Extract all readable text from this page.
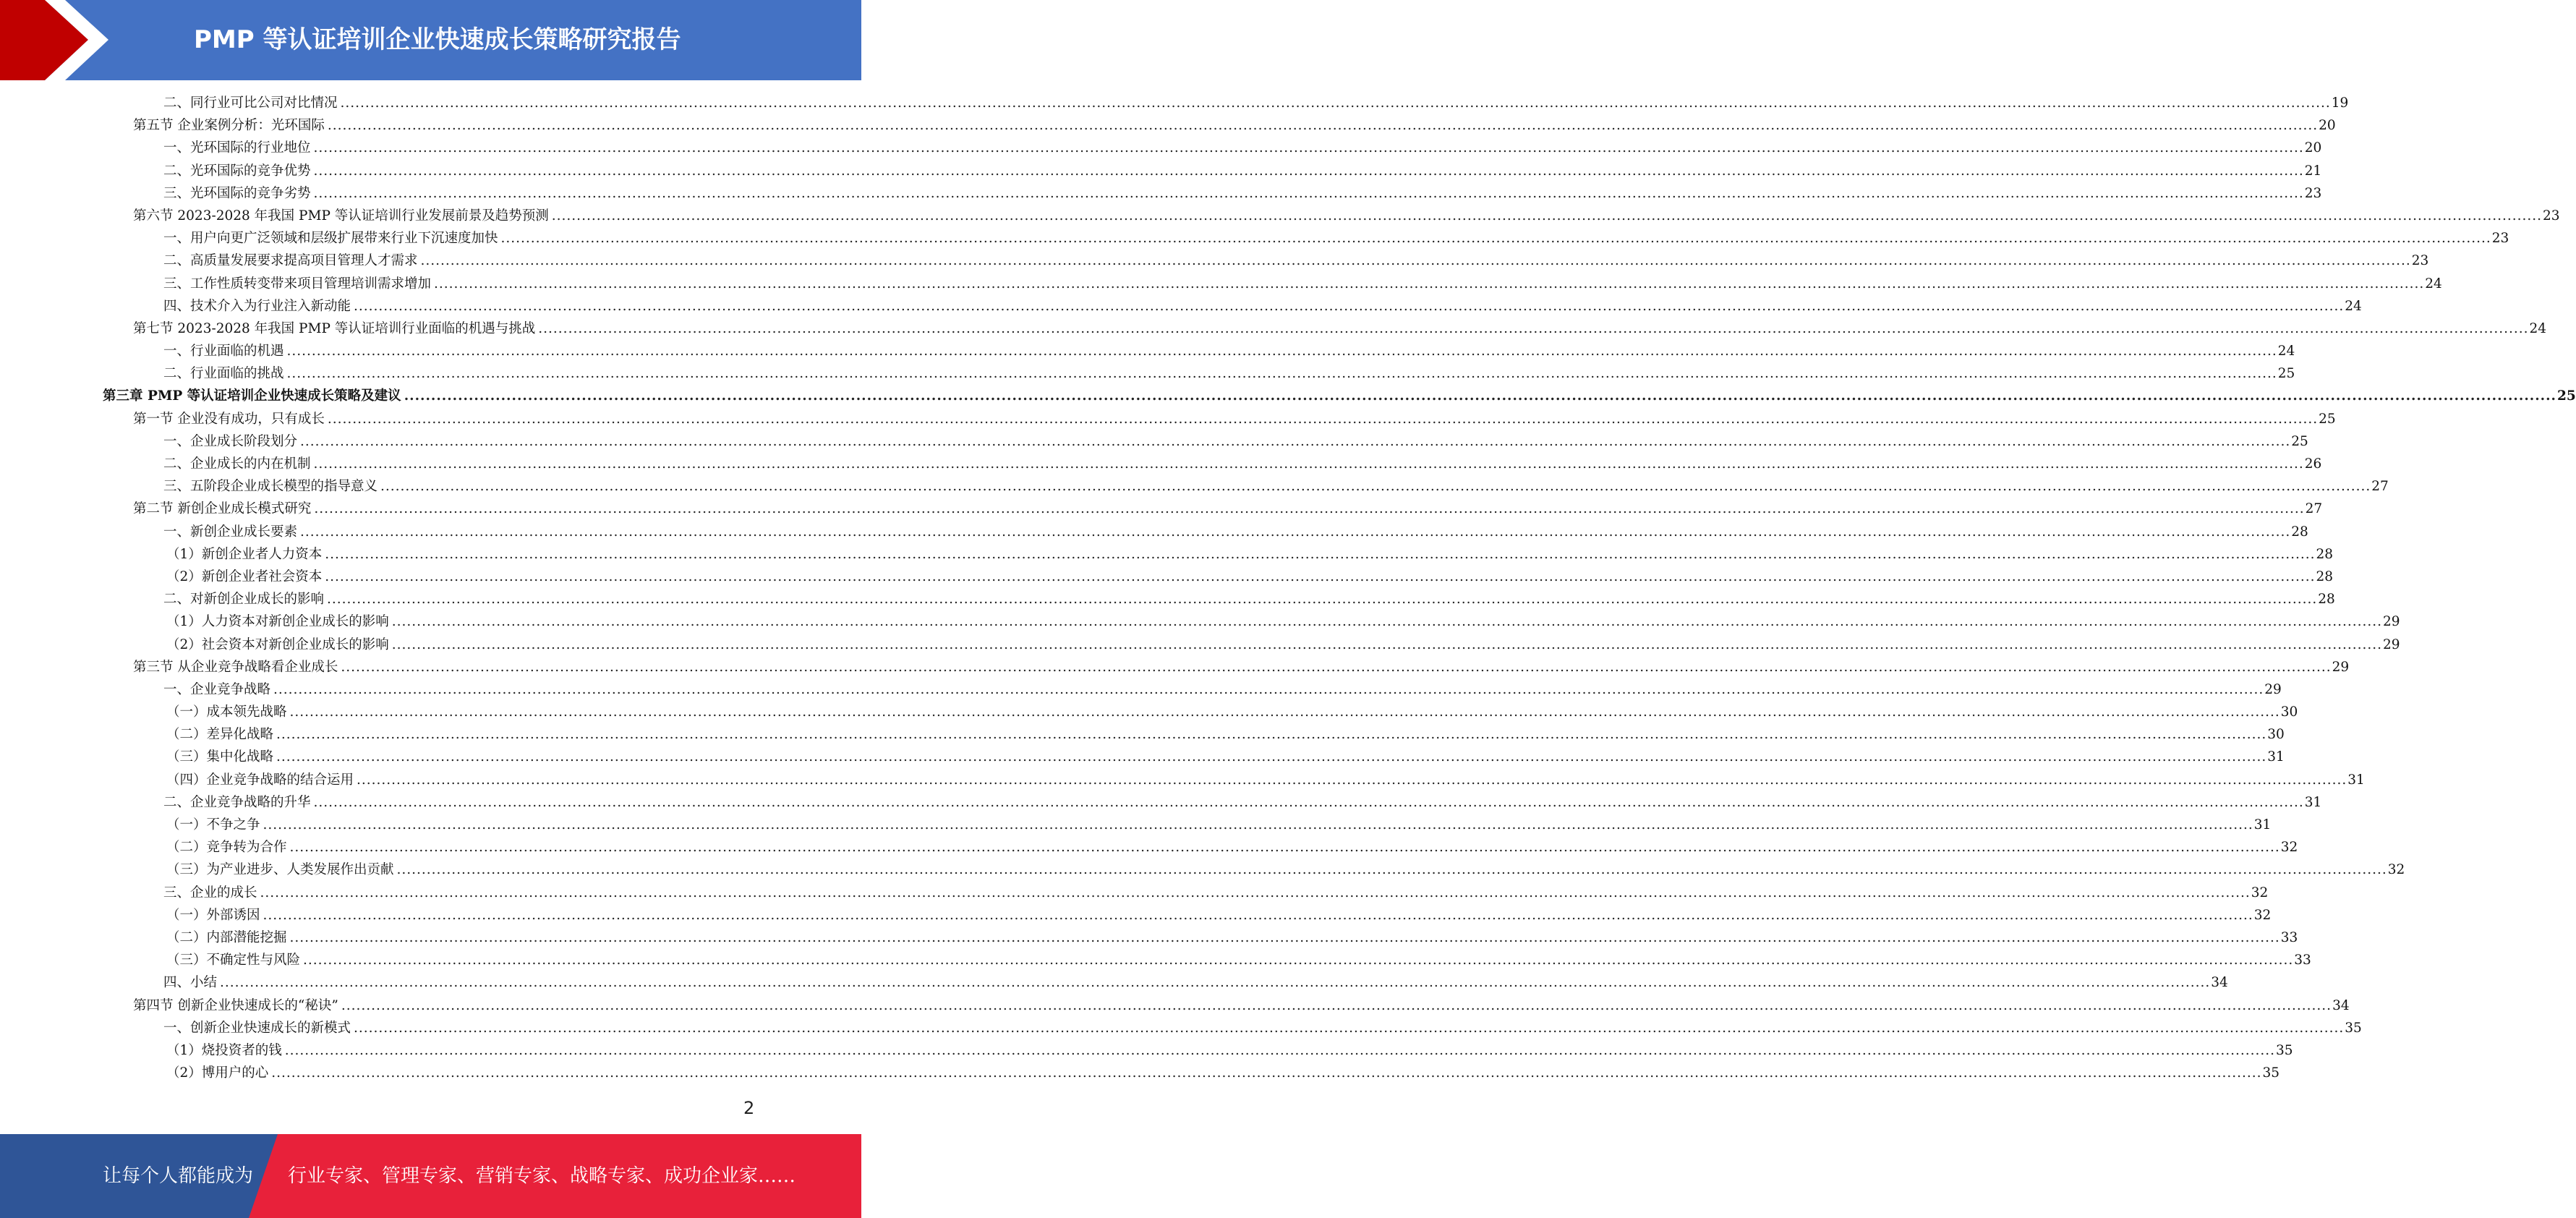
PMP 等认证培训企业快速成长策略研究报告
二、同行业可比公司对比情况 ................................................................................................................................................................................................................................................................................................................................................................................................................ 19
第五节 企业案例分析：光环国际 ................................................................................................................................................................................................................................................................................................................................................................................................................ 20
一、光环国际的行业地位 ................................................................................................................................................................................................................................................................................................................................................................................................................ 20
二、光环国际的竞争优势 ................................................................................................................................................................................................................................................................................................................................................................................................................ 21
三、光环国际的竞争劣势 ................................................................................................................................................................................................................................................................................................................................................................................................................ 23
第六节 2023-2028 年我国 PMP 等认证培训行业发展前景及趋势预测 ................................................................................................................................................................................................................................................................................................................................................................................................................ 23
一、用户向更广泛领域和层级扩展带来行业下沉速度加快 ................................................................................................................................................................................................................................................................................................................................................................................................................ 23
二、高质量发展要求提高项目管理人才需求 ................................................................................................................................................................................................................................................................................................................................................................................................................ 23
三、工作性质转变带来项目管理培训需求增加 ................................................................................................................................................................................................................................................................................................................................................................................................................ 24
四、技术介入为行业注入新动能 ................................................................................................................................................................................................................................................................................................................................................................................................................ 24
第七节 2023-2028 年我国 PMP 等认证培训行业面临的机遇与挑战 ................................................................................................................................................................................................................................................................................................................................................................................................................ 24
一、行业面临的机遇 ................................................................................................................................................................................................................................................................................................................................................................................................................ 24
二、行业面临的挑战 ................................................................................................................................................................................................................................................................................................................................................................................................................ 25
第三章 PMP 等认证培训企业快速成长策略及建议 ................................................................................................................................................................................................................................................................................................................................................................................................................ 25
第一节 企业没有成功，只有成长 ................................................................................................................................................................................................................................................................................................................................................................................................................ 25
一、企业成长阶段划分 ................................................................................................................................................................................................................................................................................................................................................................................................................ 25
二、企业成长的内在机制 ................................................................................................................................................................................................................................................................................................................................................................................................................ 26
三、五阶段企业成长模型的指导意义 ................................................................................................................................................................................................................................................................................................................................................................................................................ 27
第二节 新创企业成长模式研究 ................................................................................................................................................................................................................................................................................................................................................................................................................ 27
一、新创企业成长要素 ................................................................................................................................................................................................................................................................................................................................................................................................................ 28
（1）新创企业者人力资本 ................................................................................................................................................................................................................................................................................................................................................................................................................ 28
（2）新创企业者社会资本 ................................................................................................................................................................................................................................................................................................................................................................................................................ 28
二、对新创企业成长的影响 ................................................................................................................................................................................................................................................................................................................................................................................................................ 28
（1）人力资本对新创企业成长的影响 ................................................................................................................................................................................................................................................................................................................................................................................................................ 29
（2）社会资本对新创企业成长的影响 ................................................................................................................................................................................................................................................................................................................................................................................................................ 29
第三节 从企业竞争战略看企业成长 ................................................................................................................................................................................................................................................................................................................................................................................................................ 29
一、企业竞争战略 ................................................................................................................................................................................................................................................................................................................................................................................................................ 29
（一）成本领先战略 ................................................................................................................................................................................................................................................................................................................................................................................................................ 30
（二）差异化战略 ................................................................................................................................................................................................................................................................................................................................................................................................................ 30
（三）集中化战略 ................................................................................................................................................................................................................................................................................................................................................................................................................ 31
（四）企业竞争战略的结合运用 ................................................................................................................................................................................................................................................................................................................................................................................................................ 31
二、企业竞争战略的升华 ................................................................................................................................................................................................................................................................................................................................................................................................................ 31
（一）不争之争 ................................................................................................................................................................................................................................................................................................................................................................................................................ 31
（二）竞争转为合作 ................................................................................................................................................................................................................................................................................................................................................................................................................ 32
（三）为产业进步、人类发展作出贡献 ................................................................................................................................................................................................................................................................................................................................................................................................................ 32
三、企业的成长 ................................................................................................................................................................................................................................................................................................................................................................................................................ 32
（一）外部诱因 ................................................................................................................................................................................................................................................................................................................................................................................................................ 32
（二）内部潜能挖掘 ................................................................................................................................................................................................................................................................................................................................................................................................................ 33
（三）不确定性与风险 ................................................................................................................................................................................................................................................................................................................................................................................................................ 33
四、小结 ................................................................................................................................................................................................................................................................................................................................................................................................................ 34
第四节 创新企业快速成长的“秘诀” ................................................................................................................................................................................................................................................................................................................................................................................................................ 34
一、创新企业快速成长的新模式 ................................................................................................................................................................................................................................................................................................................................................................................................................ 35
（1）烧投资者的钱 ................................................................................................................................................................................................................................................................................................................................................................................................................ 35
（2）博用户的心 ................................................................................................................................................................................................................................................................................................................................................................................................................ 35
2
让每个人都能成为 行业专家、管理专家、营销专家、战略专家、成功企业家……
